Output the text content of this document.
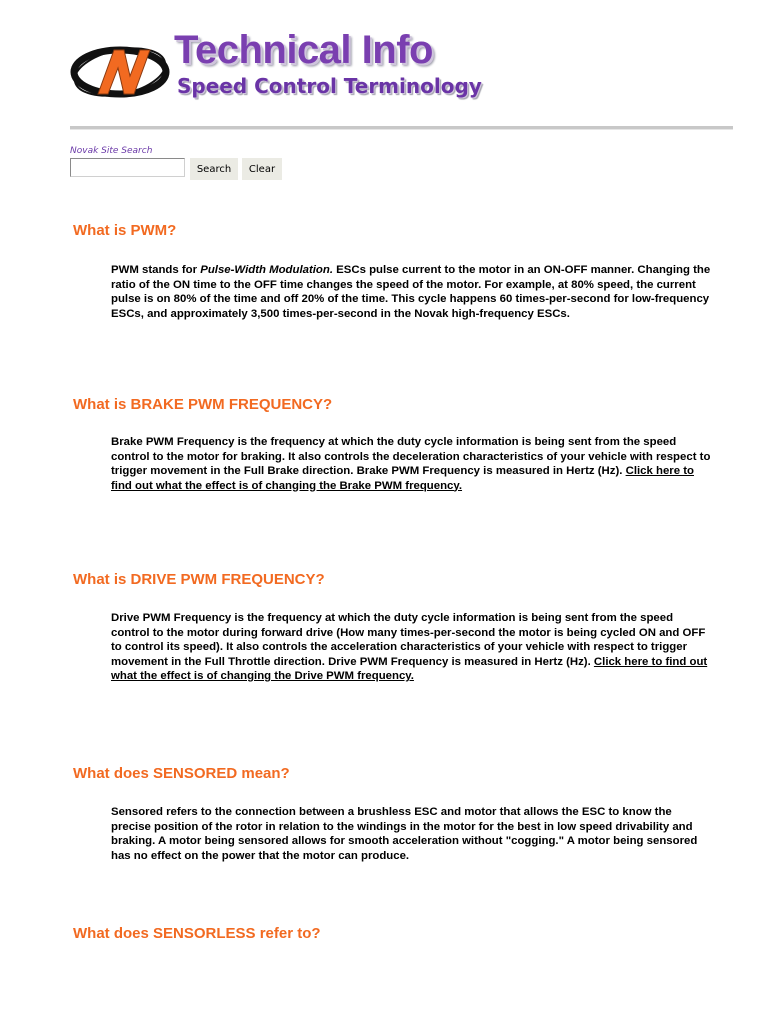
Technical Info
Speed Control Terminology
Novak Site Search
Search	Clear
What is PWM?

PWM stands for Pulse-Width Modulation. ESCs pulse current to the motor in an ON-OFF manner. Changing the ratio of the ON time to the OFF time changes the speed of the motor. For example, at 80% speed, the current pulse is on 80% of the time and off 20% of the time. This cycle happens 60 times-per-second for low-frequency ESCs, and approximately 3,500 times-per-second in the Novak high-frequency ESCs.

What is BRAKE PWM FREQUENCY?

Brake PWM Frequency is the frequency at which the duty cycle information is being sent from the speed control to the motor for braking. It also controls the deceleration characteristics of your vehicle with respect to trigger movement in the Full Brake direction. Brake PWM Frequency is measured in Hertz (Hz). Click here to find out what the effect is of changing the Brake PWM frequency.

What is DRIVE PWM FREQUENCY?

Drive PWM Frequency is the frequency at which the duty cycle information is being sent from the speed control to the motor during forward drive (How many times-per-second the motor is being cycled ON and OFF to control its speed). It also controls the acceleration characteristics of your vehicle with respect to trigger movement in the Full Throttle direction. Drive PWM Frequency is measured in Hertz (Hz). Click here to find out what the effect is of changing the Drive PWM frequency.

What does SENSORED mean?

Sensored refers to the connection between a brushless ESC and motor that allows the ESC to know the precise position of the rotor in relation to the windings in the motor for the best in low speed drivability and braking. A motor being sensored allows for smooth acceleration without "cogging." A motor being sensored has no effect on the power that the motor can produce.

What does SENSORLESS refer to?
